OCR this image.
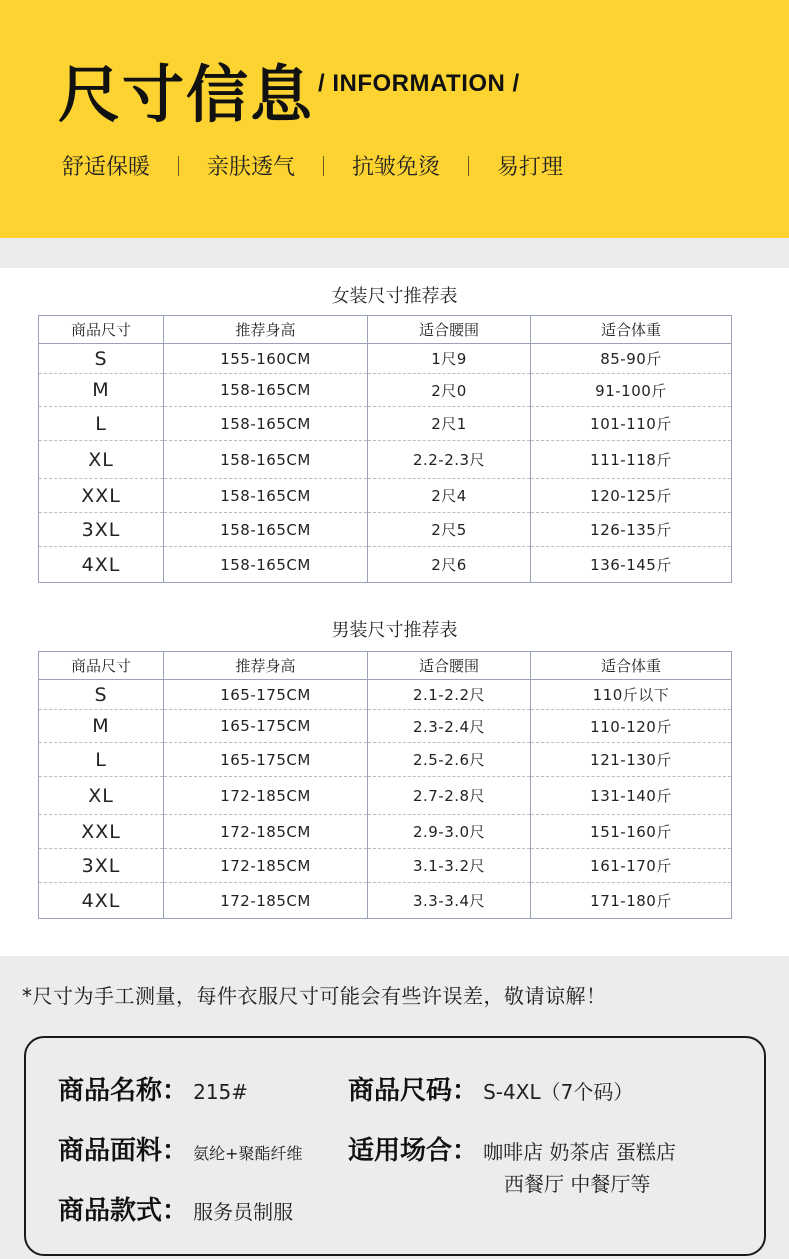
尺寸信息 / INFORMATION /
舒适保暖	亲肤透气	抗皱免烫	易打理
女装尺寸推荐表
商品尺寸	推荐身高	适合腰围	适合体重
S	155-160CM	1尺9	85-90斤
M	158-165CM	2尺0	91-100斤
L	158-165CM	2尺1	101-110斤
XL	158-165CM	2.2-2.3尺	111-118斤
XXL	158-165CM	2尺4	120-125斤
3XL	158-165CM	2尺5	126-135斤
4XL	158-165CM	2尺6	136-145斤
男装尺寸推荐表
商品尺寸	推荐身高	适合腰围	适合体重
S	165-175CM	2.1-2.2尺	110斤以下
M	165-175CM	2.3-2.4尺	110-120斤
L	165-175CM	2.5-2.6尺	121-130斤
XL	172-185CM	2.7-2.8尺	131-140斤
XXL	172-185CM	2.9-3.0尺	151-160斤
3XL	172-185CM	3.1-3.2尺	161-170斤
4XL	172-185CM	3.3-3.4尺	171-180斤
*尺寸为手工测量，每件衣服尺寸可能会有些许误差，敬请谅解！
商品名称： 215#	商品尺码： S-4XL（7个码）
商品面料： 氨纶+聚酯纤维 适用场合： 咖啡店 奶茶店 蛋糕店
西餐厅 中餐厅等
商品款式： 服务员制服
